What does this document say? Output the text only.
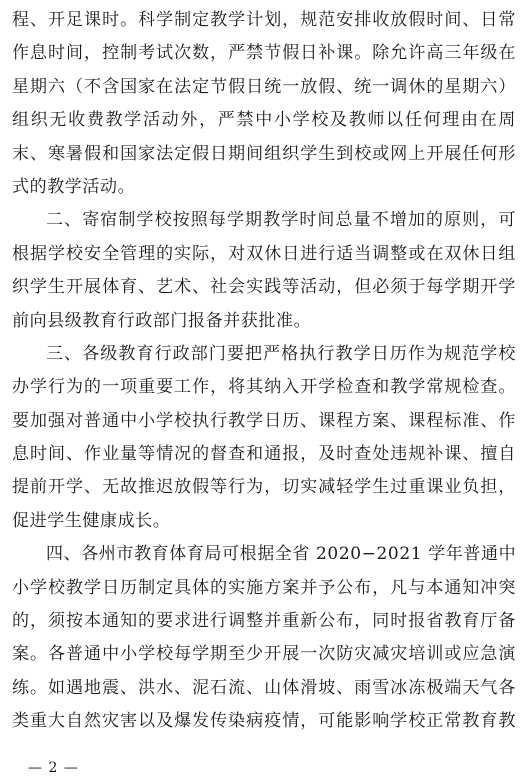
程、开足课时。科学制定教学计划，规范安排收放假时间、日常
作息时间，控制考试次数，严禁节假日补课。除允许高三年级在
星期六（不含国家在法定节假日统一放假、统一调休的星期六）
组织无收费教学活动外，严禁中小学校及教师以任何理由在周
末、寒暑假和国家法定假日期间组织学生到校或网上开展任何形
式的教学活动。
二、寄宿制学校按照每学期教学时间总量不增加的原则，可
根据学校安全管理的实际，对双休日进行适当调整或在双休日组
织学生开展体育、艺术、社会实践等活动，但必须于每学期开学
前向县级教育行政部门报备并获批准。
三、各级教育行政部门要把严格执行教学日历作为规范学校
办学行为的一项重要工作，将其纳入开学检查和教学常规检查。
要加强对普通中小学校执行教学日历、课程方案、课程标准、作
息时间、作业量等情况的督查和通报，及时查处违规补课、擅自
提前开学、无故推迟放假等行为，切实减轻学生过重课业负担，
促进学生健康成长。
四、各州市教育体育局可根据全省 2020−2021 学年普通中
小学校教学日历制定具体的实施方案并予公布，凡与本通知冲突
的，须按本通知的要求进行调整并重新公布，同时报省教育厅备
案。各普通中小学校每学期至少开展一次防灾减灾培训或应急演
练。如遇地震、洪水、泥石流、山体滑坡、雨雪冰冻极端天气各
类重大自然灾害以及爆发传染病疫情，可能影响学校正常教育教
— 2 —
